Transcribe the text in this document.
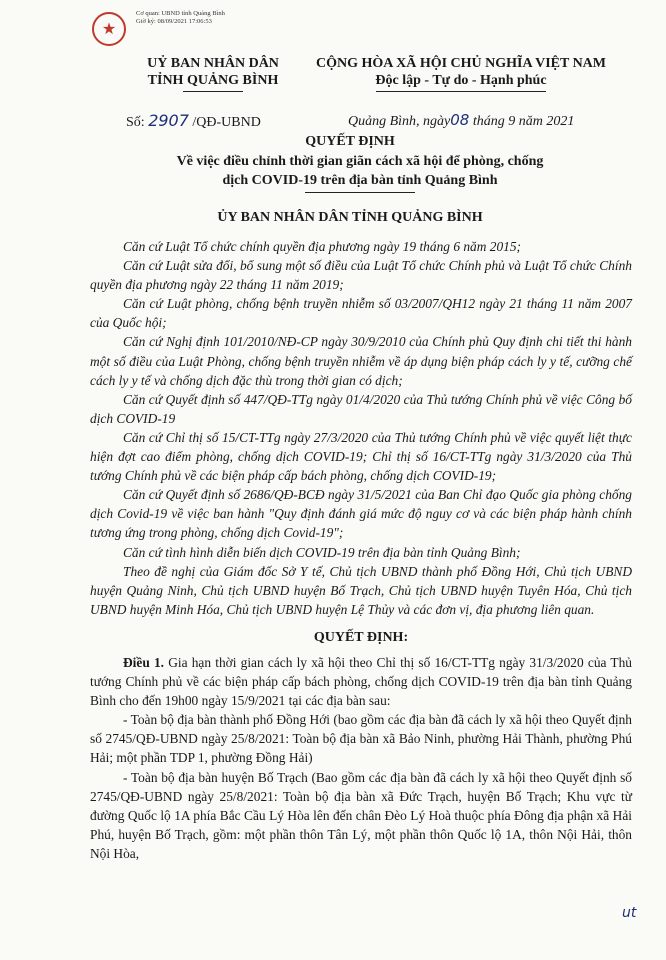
★
Cơ quan: UBND tỉnh Quảng Bình
Giờ ký: 08/09/2021 17:06:53
UỶ BAN NHÂN DÂN
TỈNH QUẢNG BÌNH
CỘNG HÒA XÃ HỘI CHỦ NGHĨA VIỆT NAM
Độc lập - Tự do - Hạnh phúc
Số: 2907 /QĐ-UBND	Quảng Bình, ngày08 tháng 9 năm 2021
QUYẾT ĐỊNH
Về việc điều chỉnh thời gian giãn cách xã hội để phòng, chống
dịch COVID-19 trên địa bàn tỉnh Quảng Bình
ỦY BAN NHÂN DÂN TỈNH QUẢNG BÌNH

Căn cứ Luật Tổ chức chính quyền địa phương ngày 19 tháng 6 năm 2015;

Căn cứ Luật sửa đổi, bổ sung một số điều của Luật Tổ chức Chính phủ và Luật Tổ chức Chính quyền địa phương ngày 22 tháng 11 năm 2019;

Căn cứ Luật phòng, chống bệnh truyền nhiễm số 03/2007/QH12 ngày 21 tháng 11 năm 2007 của Quốc hội;

Căn cứ Nghị định 101/2010/NĐ-CP ngày 30/9/2010 của Chính phủ Quy định chi tiết thi hành một số điều của Luật Phòng, chống bệnh truyền nhiễm về áp dụng biện pháp cách ly y tế, cưỡng chế cách ly y tế và chống dịch đặc thù trong thời gian có dịch;

Căn cứ Quyết định số 447/QĐ-TTg ngày 01/4/2020 của Thủ tướng Chính phủ về việc Công bố dịch COVID-19

Căn cứ Chỉ thị số 15/CT-TTg ngày 27/3/2020 của Thủ tướng Chính phủ về việc quyết liệt thực hiện đợt cao điểm phòng, chống dịch COVID-19; Chỉ thị số 16/CT-TTg ngày 31/3/2020 của Thủ tướng Chính phủ về các biện pháp cấp bách phòng, chống dịch COVID-19;

Căn cứ Quyết định số 2686/QĐ-BCĐ ngày 31/5/2021 của Ban Chỉ đạo Quốc gia phòng chống dịch Covid-19 về việc ban hành "Quy định đánh giá mức độ nguy cơ và các biện pháp hành chính tương ứng trong phòng, chống dịch Covid-19";

Căn cứ tình hình diễn biến dịch COVID-19 trên địa bàn tỉnh Quảng Bình;

Theo đề nghị của Giám đốc Sở Y tế, Chủ tịch UBND thành phố Đồng Hới, Chủ tịch UBND huyện Quảng Ninh, Chủ tịch UBND huyện Bố Trạch, Chủ tịch UBND huyện Tuyên Hóa, Chủ tịch UBND huyện Minh Hóa, Chủ tịch UBND huyện Lệ Thủy và các đơn vị, địa phương liên quan.

QUYẾT ĐỊNH:

Điều 1. Gia hạn thời gian cách ly xã hội theo Chỉ thị số 16/CT-TTg ngày 31/3/2020 của Thủ tướng Chính phủ về các biện pháp cấp bách phòng, chống dịch COVID-19 trên địa bàn tỉnh Quảng Bình cho đến 19h00 ngày 15/9/2021 tại các địa bàn sau:

- Toàn bộ địa bàn thành phố Đồng Hới (bao gồm các địa bàn đã cách ly xã hội theo Quyết định số 2745/QĐ-UBND ngày 25/8/2021: Toàn bộ địa bàn xã Bảo Ninh, phường Hải Thành, phường Phú Hải; một phần TDP 1, phường Đồng Hải)

- Toàn bộ địa bàn huyện Bố Trạch (Bao gồm các địa bàn đã cách ly xã hội theo Quyết định số 2745/QĐ-UBND ngày 25/8/2021: Toàn bộ địa bàn xã Đức Trạch, huyện Bố Trạch; Khu vực từ đường Quốc lộ 1A phía Bắc Cầu Lý Hòa lên đến chân Đèo Lý Hoà thuộc phía Đông địa phận xã Hải Phú, huyện Bố Trạch, gồm: một phần thôn Tân Lý, một phần thôn Quốc lộ 1A, thôn Nội Hải, thôn Nội Hòa,

ut
